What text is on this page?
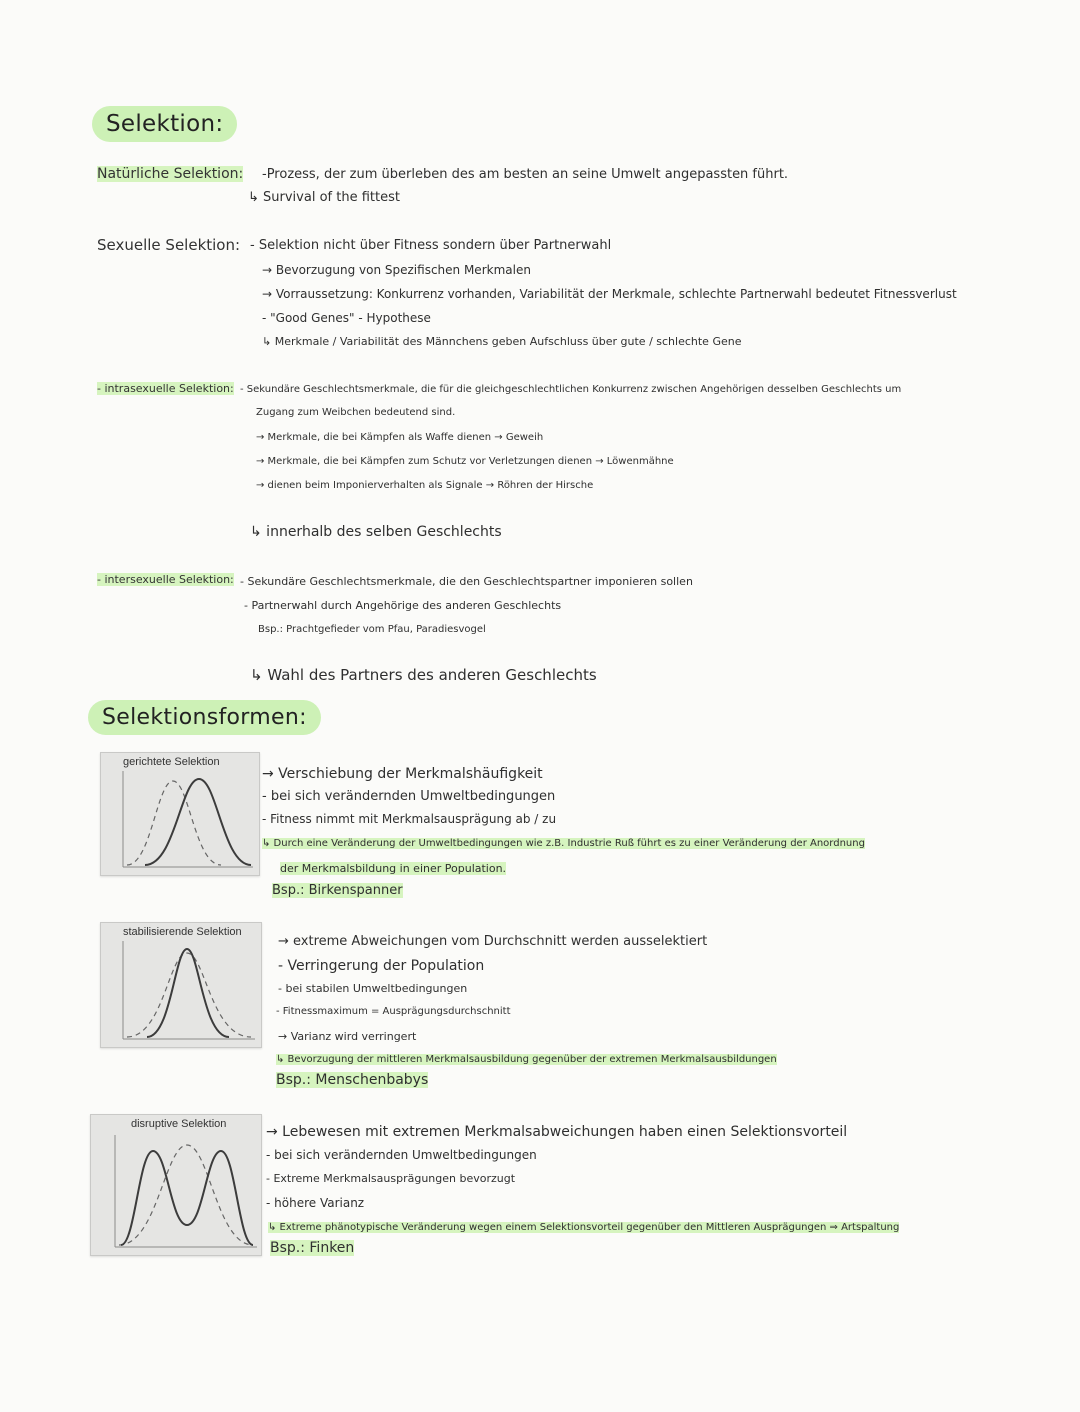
Selektion:
Natürliche Selektion: -Prozess, der zum überleben des am besten an seine Umwelt angepassten führt.
↳ Survival of the fittest
Sexuelle Selektion: - Selektion nicht über Fitness sondern über Partnerwahl
→ Bevorzugung von Spezifischen Merkmalen
→ Vorraussetzung: Konkurrenz vorhanden, Variabilität der Merkmale, schlechte Partnerwahl bedeutet Fitnessverlust
- "Good Genes" - Hypothese
↳ Merkmale / Variabilität des Männchens geben Aufschluss über gute / schlechte Gene
- intrasexuelle Selektion: - Sekundäre Geschlechtsmerkmale, die für die gleichgeschlechtlichen Konkurrenz zwischen Angehörigen desselben Geschlechts um
Zugang zum Weibchen bedeutend sind.
→ Merkmale, die bei Kämpfen als Waffe dienen → Geweih
→ Merkmale, die bei Kämpfen zum Schutz vor Verletzungen dienen → Löwenmähne
→ dienen beim Imponierverhalten als Signale → Röhren der Hirsche
↳ innerhalb des selben Geschlechts
- intersexuelle Selektion: - Sekundäre Geschlechtsmerkmale, die den Geschlechtspartner imponieren sollen
- Partnerwahl durch Angehörige des anderen Geschlechts
Bsp.: Prachtgefieder vom Pfau, Paradiesvogel
↳ Wahl des Partners des anderen Geschlechts
Selektionsformen:
gerichtete Selektion
→ Verschiebung der Merkmalshäufigkeit
- bei sich verändernden Umweltbedingungen
- Fitness nimmt mit Merkmalsausprägung ab / zu
↳ Durch eine Veränderung der Umweltbedingungen wie z.B. Industrie Ruß führt es zu einer Veränderung der Anordnung
der Merkmalsbildung in einer Population.
Bsp.: Birkenspanner
stabilisierende Selektion
→ extreme Abweichungen vom Durchschnitt werden ausselektiert
- Verringerung der Population
- bei stabilen Umweltbedingungen
- Fitnessmaximum = Ausprägungsdurchschnitt
→ Varianz wird verringert
↳ Bevorzugung der mittleren Merkmalsausbildung gegenüber der extremen Merkmalsausbildungen
Bsp.: Menschenbabys
disruptive Selektion	→ Lebewesen mit extremen Merkmalsabweichungen haben einen Selektionsvorteil
- bei sich verändernden Umweltbedingungen
- Extreme Merkmalsausprägungen bevorzugt
- höhere Varianz
↳ Extreme phänotypische Veränderung wegen einem Selektionsvorteil gegenüber den Mittleren Ausprägungen ⇒ Artspaltung
Bsp.: Finken
